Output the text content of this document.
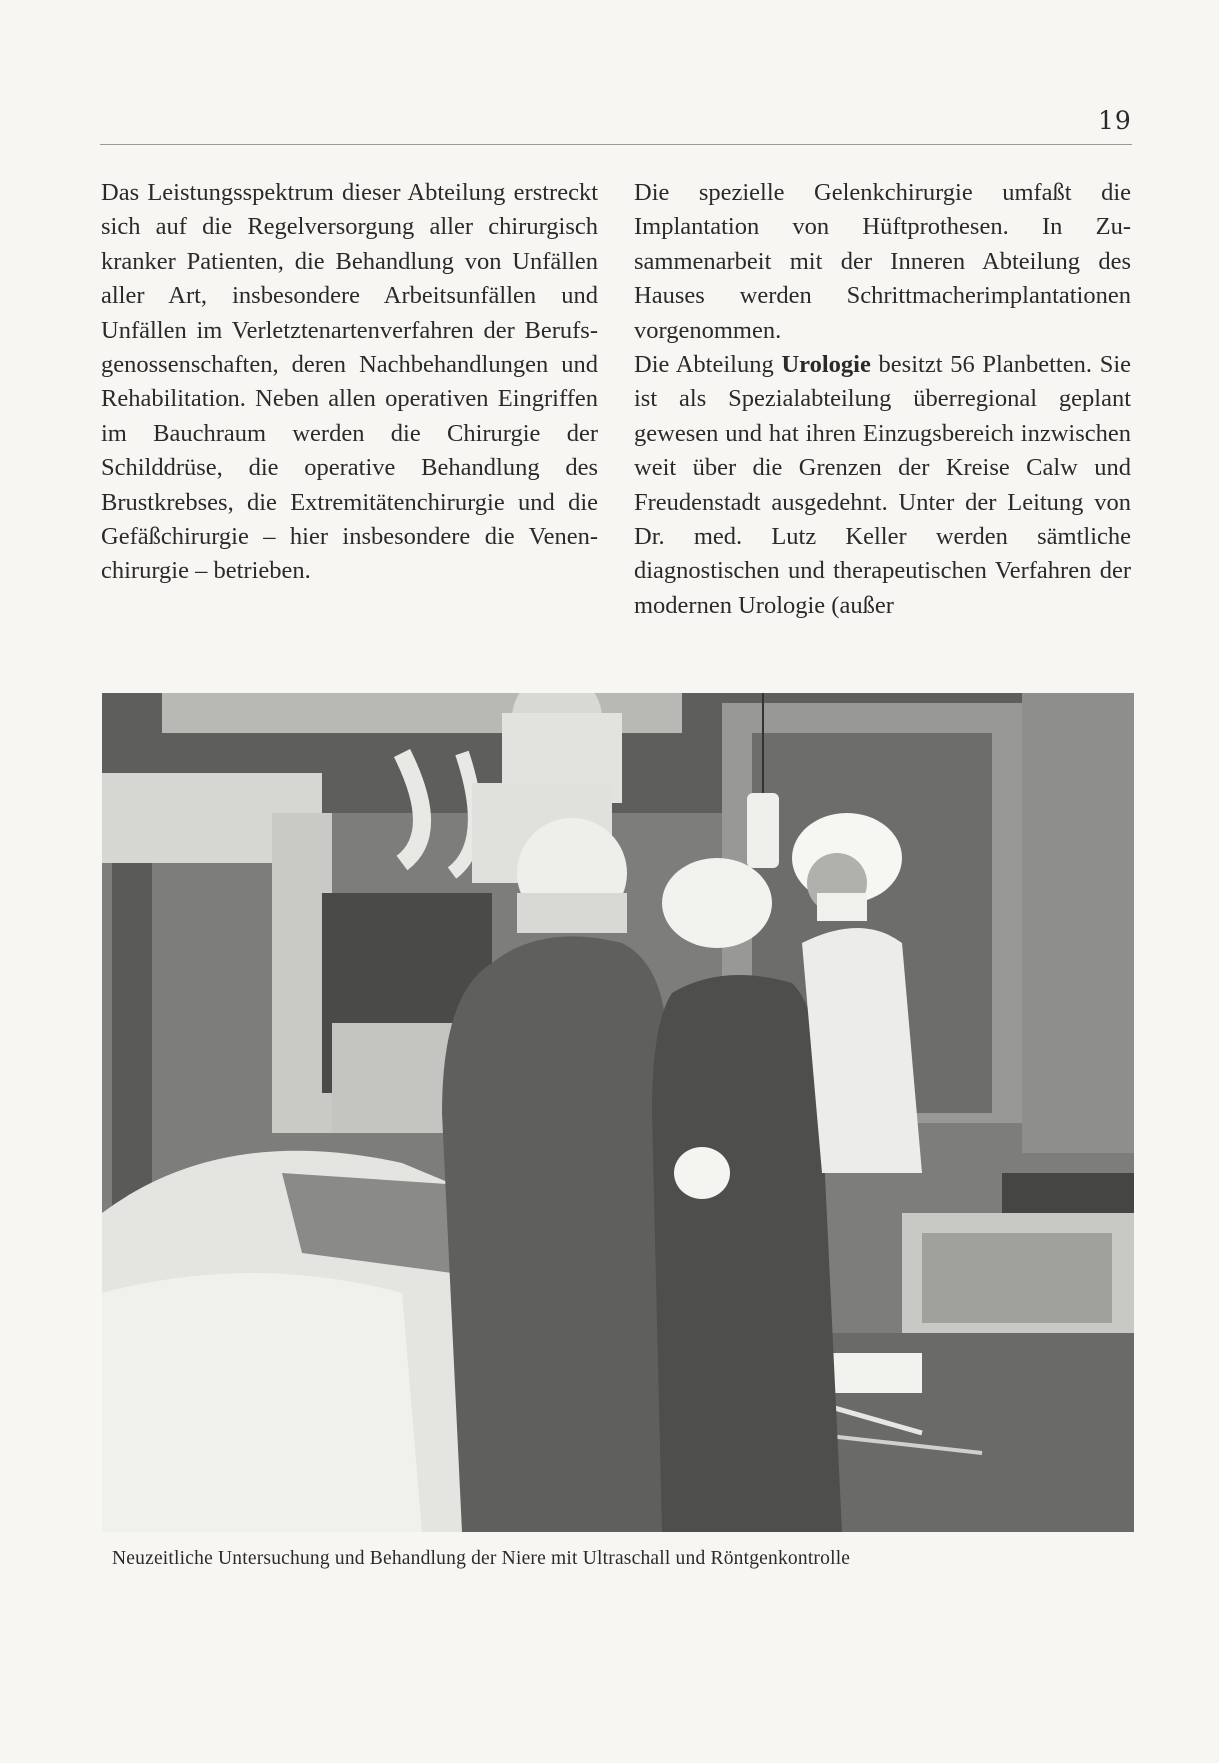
19

Das Leistungsspektrum dieser Abteilung erstreckt sich auf die Regelversorgung aller chirurgisch kranker Patienten, die Behandlung von Unfällen aller Art, insbesondere Arbeitsunfällen und Unfällen im Verletztenartenverfahren der Berufsgenossenschaften, deren Nachbehandlungen und Rehabilitation. Neben allen operativen Eingriffen im Bauchraum werden die Chirurgie der Schilddrüse, die operative Behandlung des Brustkrebses, die Extremitätenchirurgie und die Gefäßchirurgie – hier insbesondere die Venenchirurgie – betrieben.

Die spezielle Gelenkchirurgie umfaßt die Implantation von Hüftprothesen. In Zusammenarbeit mit der Inneren Abteilung des Hauses werden Schrittmacherimplantationen vorgenommen.

Die Abteilung Urologie besitzt 56 Planbetten. Sie ist als Spezialabteilung überregional geplant gewesen und hat ihren Einzugsbereich inzwischen weit über die Grenzen der Kreise Calw und Freudenstadt ausgedehnt. Unter der Leitung von Dr. med. Lutz Keller werden sämtliche diagnostischen und therapeutischen Verfahren der modernen Urologie (außer

Neuzeitliche Untersuchung und Behandlung der Niere mit Ultraschall und Röntgenkontrolle
